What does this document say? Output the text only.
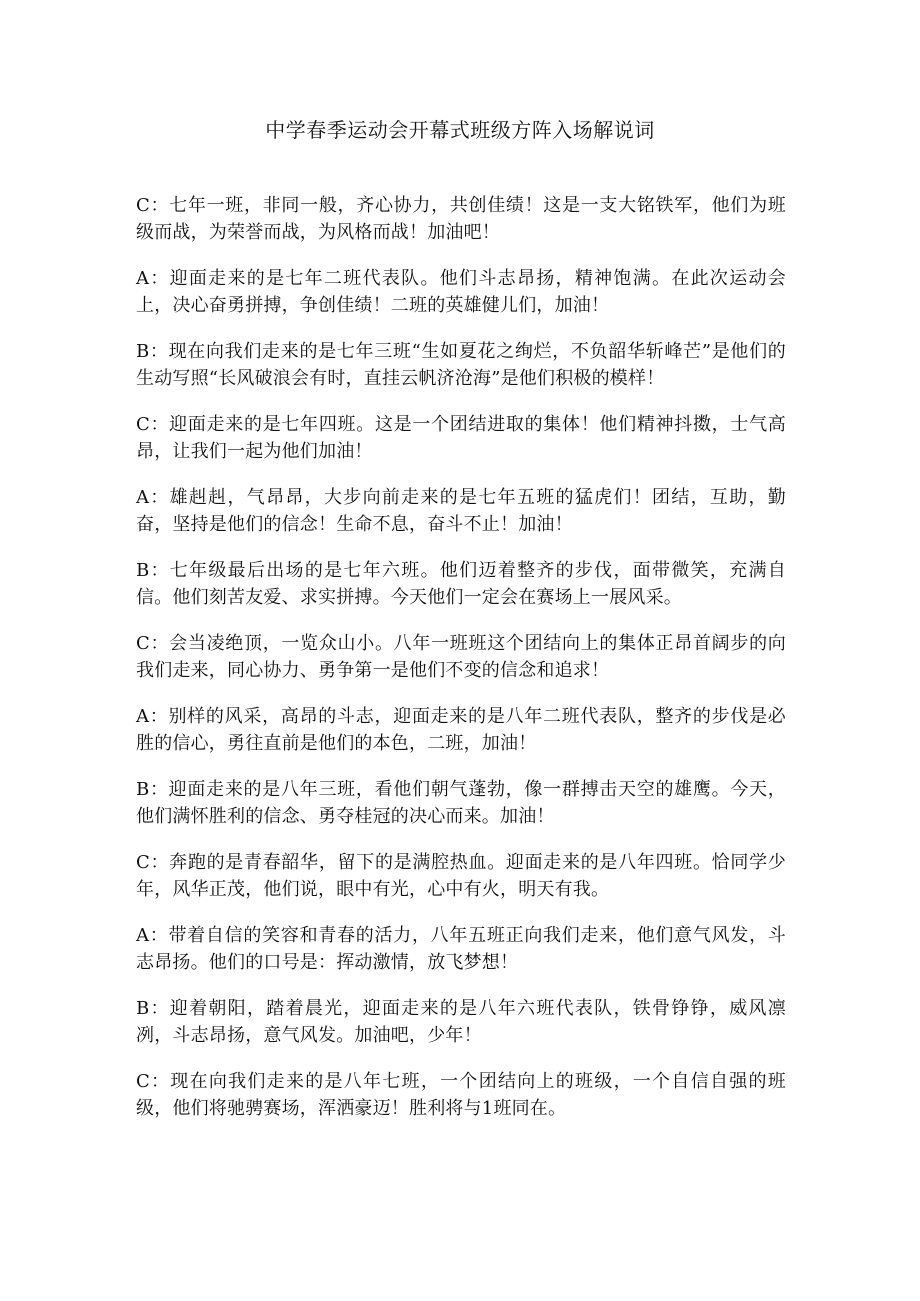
中学春季运动会开幕式班级方阵入场解说词

C：七年一班，非同一般，齐心协力，共创佳绩！这是一支大铭铁军，他们为班级而战，为荣誉而战，为风格而战！加油吧！

A：迎面走来的是七年二班代表队。他们斗志昂扬，精神饱满。在此次运动会上，决心奋勇拼搏，争创佳绩！二班的英雄健儿们，加油！

B：现在向我们走来的是七年三班“生如夏花之绚烂，不负韶华斩峰芒”是他们的生动写照“长风破浪会有时，直挂云帆济沧海”是他们积极的模样！

C：迎面走来的是七年四班。这是一个团结进取的集体！他们精神抖擞，士气高昂，让我们一起为他们加油！

A：雄赳赳，气昂昂，大步向前走来的是七年五班的猛虎们！团结，互助，勤奋，坚持是他们的信念！生命不息，奋斗不止！加油！

B：七年级最后出场的是七年六班。他们迈着整齐的步伐，面带微笑，充满自信。他们刻苦友爱、求实拼搏。今天他们一定会在赛场上一展风采。

C：会当凌绝顶，一览众山小。八年一班班这个团结向上的集体正昂首阔步的向我们走来，同心协力、勇争第一是他们不变的信念和追求！

A：别样的风采，高昂的斗志，迎面走来的是八年二班代表队，整齐的步伐是必胜的信心，勇往直前是他们的本色，二班，加油！

B：迎面走来的是八年三班，看他们朝气蓬勃，像一群搏击天空的雄鹰。今天，他们满怀胜利的信念、勇夺桂冠的决心而来。加油！

C：奔跑的是青春韶华，留下的是满腔热血。迎面走来的是八年四班。恰同学少年，风华正茂，他们说，眼中有光，心中有火，明天有我。

A：带着自信的笑容和青春的活力，八年五班正向我们走来，他们意气风发，斗志昂扬。他们的口号是：挥动激情，放飞梦想！

B：迎着朝阳，踏着晨光，迎面走来的是八年六班代表队，铁骨铮铮，威风凛冽，斗志昂扬，意气风发。加油吧，少年！

C：现在向我们走来的是八年七班，一个团结向上的班级，一个自信自强的班级，他们将驰骋赛场，浑洒豪迈！胜利将与1班同在。
